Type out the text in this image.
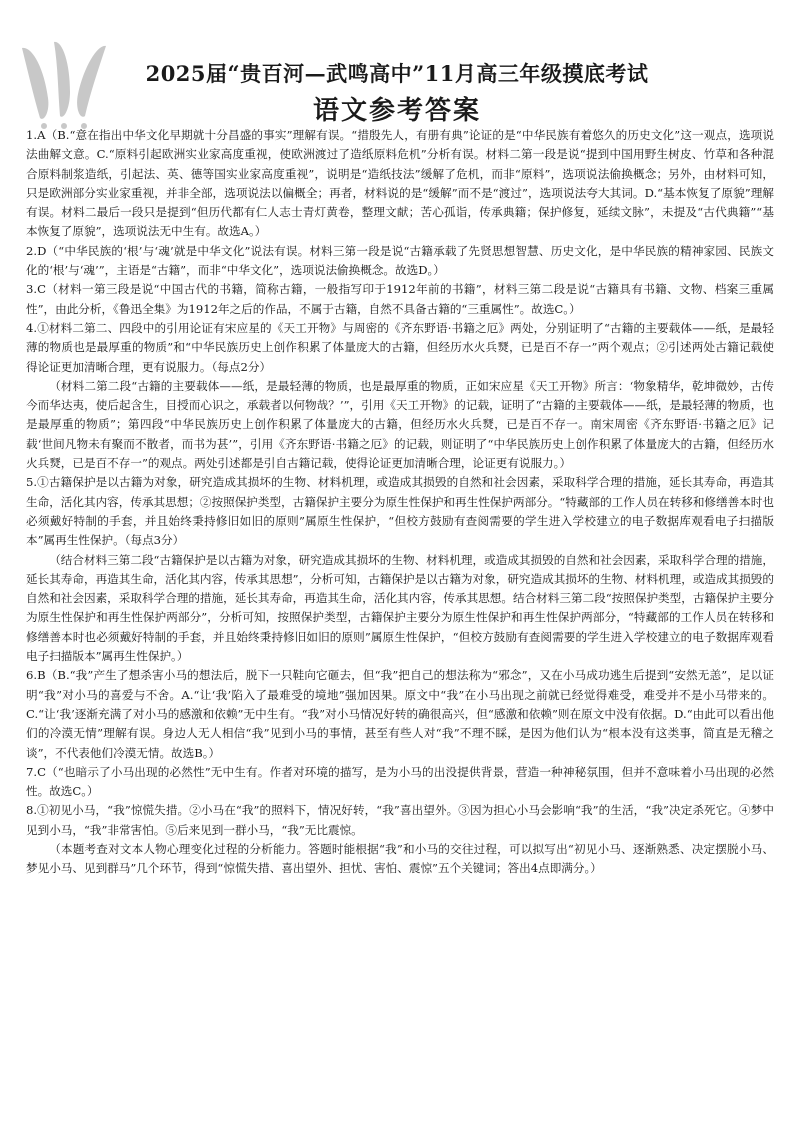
2025届“贵百河—武鸣高中”11月高三年级摸底考试
语文参考答案
1.A（B.“意在指出中华文化早期就十分昌盛的事实”理解有误。“措殷先人，有册有典”论证的是“中华民族有着悠久的历史文化”这一观点，选项说法曲解文意。C.“原料引起欧洲实业家高度重视，使欧洲渡过了造纸原料危机”分析有误。材料二第一段是说“提到中国用野生树皮、竹草和各种混合原料制浆造纸，引起法、英、德等国实业家高度重视”，说明是“造纸技法”缓解了危机，而非“原料”，选项说法偷换概念；另外，由材料可知，只是欧洲部分实业家重视，并非全部，选项说法以偏概全；再者，材料说的是“缓解”而不是“渡过”，选项说法夸大其词。D.“基本恢复了原貌”理解有误。材料二最后一段只是提到“但历代都有仁人志士青灯黄卷，整理文献；苦心孤诣，传承典籍；保护修复，延续文脉”，未提及“古代典籍”“基本恢复了原貌”，选项说法无中生有。故选A。）
2.D（“中华民族的‘根’与‘魂’就是中华文化”说法有误。材料三第一段是说“古籍承载了先贤思想智慧、历史文化，是中华民族的精神家园、民族文化的‘根’与‘魂’”，主语是“古籍”，而非“中华文化”，选项说法偷换概念。故选D。）
3.C（材料一第三段是说“中国古代的书籍，简称古籍，一般指写印于1912年前的书籍”，材料三第二段是说“古籍具有书籍、文物、档案三重属性”，由此分析，《鲁迅全集》为1912年之后的作品，不属于古籍，自然不具备古籍的“三重属性”。故选C。）
4.①材料二第二、四段中的引用论证有宋应星的《天工开物》与周密的《齐东野语·书籍之厄》两处，分别证明了“古籍的主要载体——纸，是最轻薄的物质也是最厚重的物质”和“中华民族历史上创作积累了体量庞大的古籍，但经历水火兵燹，已是百不存一”两个观点；②引述两处古籍记载使得论证更加清晰合理，更有说服力。（每点2分）

（材料二第二段“古籍的主要载体——纸，是最轻薄的物质，也是最厚重的物质，正如宋应星《天工开物》所言：‘物象精华，乾坤微妙，古传今而华达夷，使后起含生，目授而心识之，承载者以何物哉？’”，引用《天工开物》的记载，证明了“古籍的主要载体——纸，是最轻薄的物质，也是最厚重的物质”；第四段“中华民族历史上创作积累了体量庞大的古籍，但经历水火兵燹，已是百不存一。南宋周密《齐东野语·书籍之厄》记载‘世间凡物未有聚而不散者，而书为甚’”，引用《齐东野语·书籍之厄》的记载，则证明了“中华民族历史上创作积累了体量庞大的古籍，但经历水火兵燹，已是百不存一”的观点。两处引述都是引自古籍记载，使得论证更加清晰合理，论证更有说服力。）

5.①古籍保护是以古籍为对象，研究造成其损坏的生物、材料机理，或造成其损毁的自然和社会因素，采取科学合理的措施，延长其寿命，再造其生命，活化其内容，传承其思想；②按照保护类型，古籍保护主要分为原生性保护和再生性保护两部分。“特藏部的工作人员在转移和修缮善本时也必须戴好特制的手套，并且始终秉持修旧如旧的原则”属原生性保护，“但校方鼓励有查阅需要的学生进入学校建立的电子数据库观看电子扫描版本”属再生性保护。（每点3分）

（结合材料三第二段“古籍保护是以古籍为对象，研究造成其损坏的生物、材料机理，或造成其损毁的自然和社会因素，采取科学合理的措施，延长其寿命，再造其生命，活化其内容，传承其思想”，分析可知，古籍保护是以古籍为对象，研究造成其损坏的生物、材料机理，或造成其损毁的自然和社会因素，采取科学合理的措施，延长其寿命，再造其生命，活化其内容，传承其思想。结合材料三第二段“按照保护类型，古籍保护主要分为原生性保护和再生性保护两部分”，分析可知，按照保护类型，古籍保护主要分为原生性保护和再生性保护两部分，“特藏部的工作人员在转移和修缮善本时也必须戴好特制的手套，并且始终秉持修旧如旧的原则”属原生性保护，“但校方鼓励有查阅需要的学生进入学校建立的电子数据库观看电子扫描版本”属再生性保护。）

6.B（B.“我”产生了想杀害小马的想法后，脱下一只鞋向它砸去，但“我”把自己的想法称为“邪念”，又在小马成功逃生后提到“安然无恙”，足以证明“我”对小马的喜爱与不舍。A.“让‘我’陷入了最难受的境地”强加因果。原文中“我”在小马出现之前就已经觉得难受，难受并不是小马带来的。C.“让‘我’逐渐充满了对小马的感激和依赖”无中生有。“我”对小马情况好转的确很高兴，但“感激和依赖”则在原文中没有依据。D.“由此可以看出他们的冷漠无情”理解有误。身边人无人相信“我”见到小马的事情，甚至有些人对“我”不理不睬，是因为他们认为“根本没有这类事，简直是无稽之谈”，不代表他们冷漠无情。故选B。）
7.C（“也暗示了小马出现的必然性”无中生有。作者对环境的描写，是为小马的出没提供背景，营造一种神秘氛围，但并不意味着小马出现的必然性。故选C。）
8.①初见小马，“我”惊慌失措。②小马在“我”的照料下，情况好转，“我”喜出望外。③因为担心小马会影响“我”的生活，“我”决定杀死它。④梦中见到小马，“我”非常害怕。⑤后来见到一群小马，“我”无比震惊。

（本题考查对文本人物心理变化过程的分析能力。答题时能根据“我”和小马的交往过程，可以拟写出“初见小马、逐渐熟悉、决定摆脱小马、梦见小马、见到群马”几个环节，得到“惊慌失措、喜出望外、担忧、害怕、震惊”五个关键词；答出4点即满分。）
